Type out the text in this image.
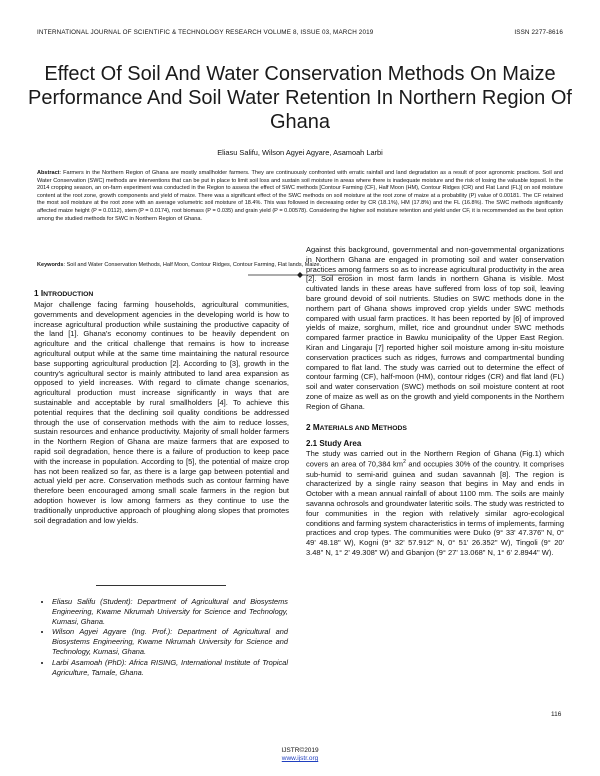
INTERNATIONAL JOURNAL OF SCIENTIFIC & TECHNOLOGY RESEARCH VOLUME 8, ISSUE 03, MARCH 2019	ISSN 2277-8616
Effect Of Soil And Water Conservation Methods On Maize Performance And Soil Water Retention In Northern Region Of Ghana
Eliasu Salifu, Wilson Agyei Agyare, Asamoah Larbi
Abstract: Farmers in the Northern Region of Ghana are mostly smallholder farmers. They are continuously confronted with erratic rainfall and land degradation as a result of poor agronomic practices. Soil and Water Conservation (SWC) methods are interventions that can be put in place to limit soil loss and sustain soil moisture in areas where there is inadequate moisture and the risk of losing the valuable topsoil. In the 2014 cropping season, an on-farm experiment was conducted in the Region to assess the effect of SWC methods [Contour Farming (CF), Half Moon (HM), Contour Ridges (CR) and Flat Land (FL)] on soil moisture content at the root zone, growth components and yield of maize. There was a significant effect of the SWC methods on soil moisture at the root zone of maize at a probability (P) value of 0.00181. The CF retained the most soil moisture at the root zone with an average volumetric soil moisture of 18.4%. This was followed in decreasing order by CR (18.1%), HM (17.8%) and the FL (16.8%). The SWC methods significantly affected maize height (P = 0.0112), stem (P = 0.0174), root biomass (P = 0.035) and grain yield (P = 0.00578). Considering the higher soil moisture retention and yield under CF, it is recommended as the best option among the studied methods for SWC in Northern Region of Ghana.
Keywords: Soil and Water Conservation Methods, Half Moon, Contour Ridges, Contour Farming, Flat lands, Maize.
1 INTRODUCTION

Major challenge facing farming households, agricultural communities, governments and development agencies in the developing world is how to increase agricultural production while sustaining the productive capacity of the land [1]. Ghana's economy continues to be heavily dependent on agriculture and the critical challenge that remains is how to increase agricultural output while at the same time maintaining the natural resource base supporting agricultural production [2]. According to [3], growth in the country's agricultural sector is mainly attributed to land area expansion as opposed to yield increases. With regard to climate change scenarios, agricultural production must increase significantly in ways that are sustainable and acceptable by rural smallholders [4]. To achieve this potential requires that the declining soil quality conditions be addressed through the use of conservation methods with the aim to reduce losses, sustain resources and enhance productivity. Majority of small holder farmers in the Northern Region of Ghana are maize farmers that are exposed to rapid soil degradation, hence there is a failure of production to keep pace with the increase in population. According to [5], the potential of maize crop has not been realized so far, as there is a large gap between potential and actual yield per acre. Conservation methods such as contour farming have therefore been encouraged among small scale farmers in the region but adoption however is low among farmers as they continue to use the traditionally unproductive approach of ploughing along slopes that promotes soil degradation and low yields.

• Eliasu Salifu (Student): Department of Agricultural and Biosystems Engineering, Kwame Nkrumah University for Science and Technology, Kumasi, Ghana.
• Wilson Agyei Agyare (Ing. Prof.): Department of Agricultural and Biosystems Engineering, Kwame Nkrumah University for Science and Technology, Kumasi, Ghana.
• Larbi Asamoah (PhD): Africa RISING, International Institute of Tropical Agriculture, Tamale, Ghana.

Against this background, governmental and non-governmental organizations in Northern Ghana are engaged in promoting soil and water conservation practices among farmers so as to increase agricultural productivity in the area [2]. Soil erosion in most farm lands in northern Ghana is visible. Most cultivated lands in these areas have suffered from loss of top soil, leaving bare ground devoid of soil nutrients. Studies on SWC methods done in the northern part of Ghana shows improved crop yields under SWC methods compared with usual farm practices. It has been reported by [6] of improved yields of maize, sorghum, millet, rice and groundnut under SWC methods compared farmer practice in Bawku municipality of the Upper East Region. Kiran and Lingaraju [7] reported higher soil moisture among in-situ moisture conservation practices such as ridges, furrows and compartmental bunding compared to flat land. The study was carried out to determine the effect of contour farming (CF), half-moon (HM), contour ridges (CR) and flat land (FL) soil and water conservation (SWC) methods on soil moisture content at root zone of maize as well as on the growth and yield components in the Northern Region of Ghana.

2 MATERIALS AND METHODS
2.1 Study Area

The study was carried out in the Northern Region of Ghana (Fig.1) which covers an area of 70,384 $km^2$ and occupies 30% of the country. It comprises sub-humid to semi-arid guinea and sudan savannah [8]. The region is characterized by a single rainy season that begins in May and ends in October with a mean annual rainfall of about 1100 mm. The soils are mainly savanna ochrosols and groundwater lateritic soils. The study was restricted to four communities in the region with relatively similar agro-ecological conditions and farming system characteristics in terms of implements, farming practices and crop types. The communities were Duko (9° 33' 47.376" N, 0° 49' 48.18" W), Kogni (9° 32' 57.912" N, 0° 51' 26.352" W), Tingoli (9° 20' 3.48" N, 1° 2' 49.308" W) and Gbanjon (9° 27' 13.068" N, 1° 6' 2.8944" W).

116
IJSTR©2019
www.ijstr.org
